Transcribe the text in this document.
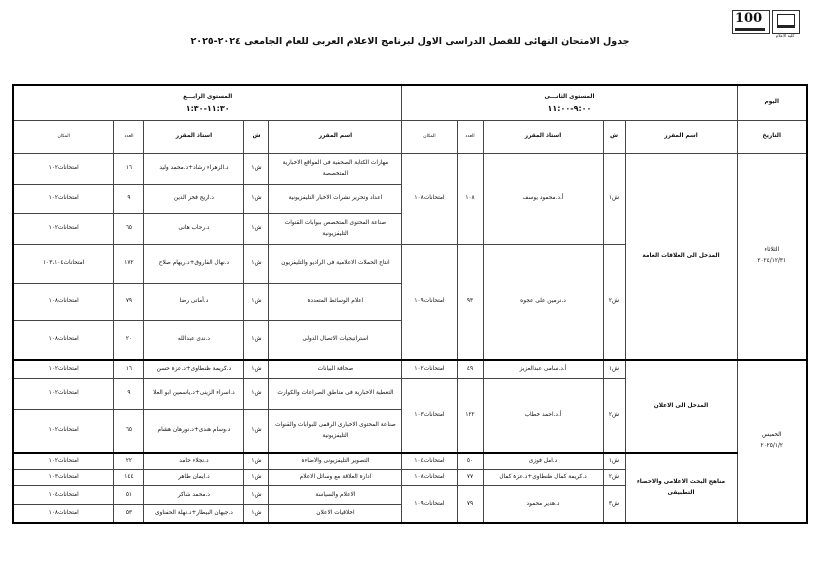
100
كلية الاعلام
جدول الامتحان النهائى للفصل الدراسى الاول لبرنامج الاعلام العربى للعام الجامعى ٢٠٢٤-٢٠٢٥
اليوم	المستوى الثانـــى
٩:٠٠-١١:٠٠					المستوى الرابـــع
١١:٣٠-١:٣٠				

التاريخ	اسم المقرر	ش	استاذ المقرر	العدد	المكان	اسم المقرر	ش	استاذ المقرر	العدد	المكان
الثلاثاء
٢٠٢٤/١٢/٣١	المدخل الى العلاقات العامة	ش١	أ.د.محمود يوسف	١٠٨	امتحانات١٠٨	مهارات الكتابة الصحفية فى المواقع الاخبارية المتخصصة	ش١	د.الزهراء رشاد+د.محمد وليد	١٦	امتحانات١٠٢
						اعداد وتحرير نشرات الاخبار التليفزيونية	ش١	د.اريج فخر الدين	٩	امتحانات١٠٢
						صناعة المحتوى المتخصص ببوابات القنوات التليفزيونية	ش١	د.رحاب هانى	٦٥	امتحانات١٠٢
		ش٢	د.نرمين على عجوه	٩٣	امتحانات١٠٩	انتاج الحملات الاعلامية فى الراديو والتليفزيون	ش١	د.نهال الفاروق+د.ريهام صلاح	١٧٢	امتحانات١٠٣،١٠٤
						اعلام الوسائط المتعددة	ش١	د.أمانى رضا	٧٩	امتحانات١٠٨
						استراتيجيات الاتصال الدولى	ش١	د.ندى عبدالله	٢٠	امتحانات١٠٨
الخميس
٢٠٢٥/١/٢	المدخل الى الاعلان	ش١	أ.د.سامى عبدالعزيز	٤٩	امتحانات١٠٢	صحافة البيانات	ش١	د.كريمة ظنطاوى+د.عزة حسن	١٦	امتحانات١٠٢
		ش٢	أ.د.احمد خطاب	١٢٢	امتحانات١٠٣	التغطية الاخبارية فى مناطق الصراعات والكوارث	ش١	د.اسراء الزينى+د.ياسمين ابو العلا	٩	امتحانات١٠٢
						صناعة المحتوى الاخبارى الرقمى للبوابات والقنوات التليفزيونية	ش١	د.وسام هندى+د.نورهان هشام	٦٥	امتحانات١٠٢
	مناهج البحث الاعلامى والاحصاء التطبيقى	ش١	د.امل فوزى	٥٠	امتحانات١٠٤	التصوير التليفزيونى والاضاءة	ش١	د.نجلاء حامد	٢٢	امتحانات١٠٢
		ش٢	د.كريمة كمال ظنطاوى+د.عزة كمال	٧٧	امتحانات١٠٨	ادارة العلاقة مع وسائل الاعلام	ش١	د.ايمان طاهر	١٤٤	امتحانات١٠٣
		ش٣	د.هدير محمود	٧٩	امتحانات١٠٩	الاعلام والسياسة	ش١	د.محمد شاكر	٥١	امتحانات١٠٤
						اخلاقيات الاعلان	ش١	د.جيهان البيطار+د.نهلة الحفناوى	٥٣	امتحانات١٠٨
